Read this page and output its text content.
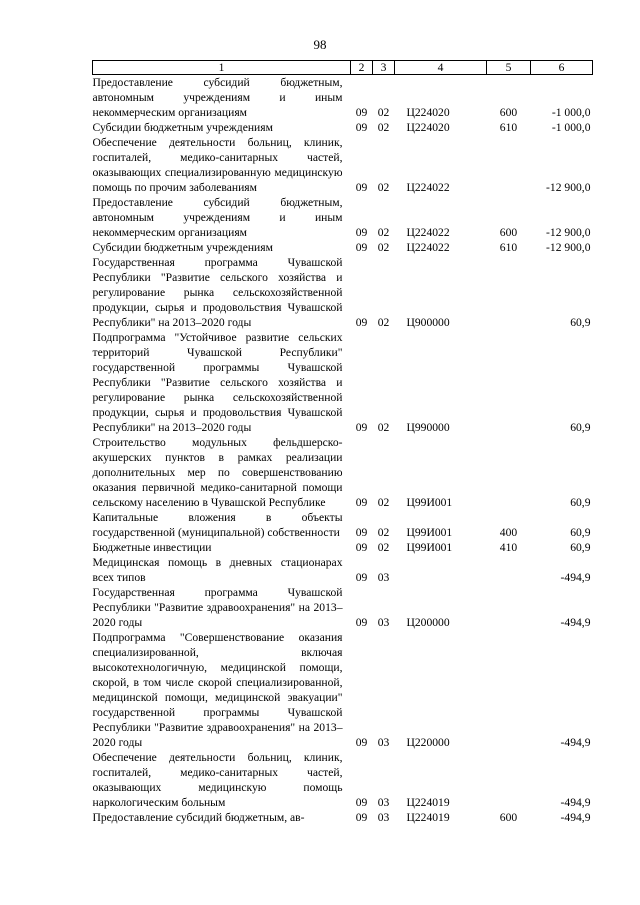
98
1	2	3	4	5	6
Предоставление субсидий бюджетным, автономным учреждениям и иным некоммерческим организациям	09	02	Ц224020	600	-1 000,0
Субсидии бюджетным учреждениям	09	02	Ц224020	610	-1 000,0
Обеспечение деятельности больниц, клиник, госпиталей, медико-санитарных частей, оказывающих специализированную медицинскую помощь по прочим заболеваниям	09	02	Ц224022		-12 900,0
Предоставление субсидий бюджетным, автономным учреждениям и иным некоммерческим организациям	09	02	Ц224022	600	-12 900,0
Субсидии бюджетным учреждениям	09	02	Ц224022	610	-12 900,0
Государственная программа Чувашской Республики "Развитие сельского хозяйства и регулирование рынка сельскохозяйственной продукции, сырья и продовольствия Чувашской Республики" на 2013–2020 годы	09	02	Ц900000		60,9
Подпрограмма "Устойчивое развитие сельских территорий Чувашской Республики" государственной программы Чувашской Республики "Развитие сельского хозяйства и регулирование рынка сельскохозяйственной продукции, сырья и продовольствия Чувашской Республики" на 2013–2020 годы	09	02	Ц990000		60,9
Строительство модульных фельдшерско-акушерских пунктов в рамках реализации дополнительных мер по совершенствованию оказания первичной медико-санитарной помощи сельскому населению в Чувашской Республике	09	02	Ц99И001		60,9
Капитальные вложения в объекты государственной (муниципальной) собственности	09	02	Ц99И001	400	60,9
Бюджетные инвестиции	09	02	Ц99И001	410	60,9
Медицинская помощь в дневных стационарах всех типов	09	03			-494,9
Государственная программа Чувашской Республики "Развитие здравоохранения" на 2013–2020 годы	09	03	Ц200000		-494,9
Подпрограмма "Совершенствование оказания специализированной, включая высокотехнологичную, медицинской помощи, скорой, в том числе скорой специализированной, медицинской помощи, медицинской эвакуации" государственной программы Чувашской Республики "Развитие здравоохранения" на 2013–2020 годы	09	03	Ц220000		-494,9
Обеспечение деятельности больниц, клиник, госпиталей, медико-санитарных частей, оказывающих медицинскую помощь наркологическим больным	09	03	Ц224019		-494,9
Предоставление субсидий бюджетным, ав-	09	03	Ц224019	600	-494,9
